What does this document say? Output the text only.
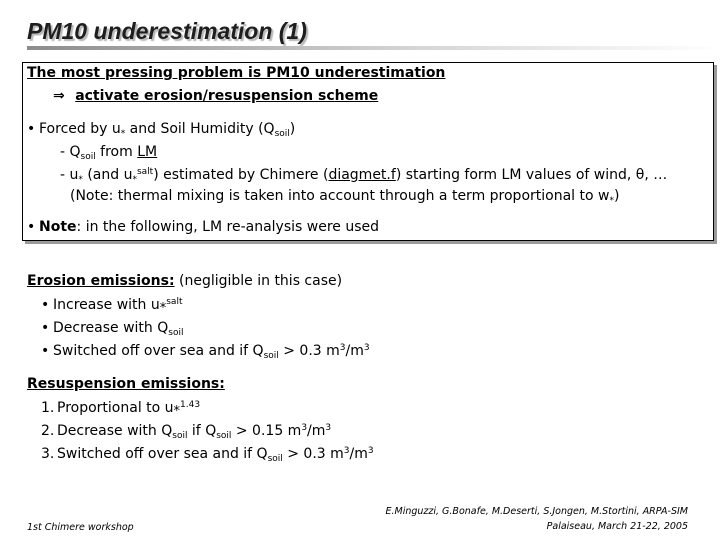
PM10 underestimation (1)
The most pressing problem is PM10 underestimation
⇒ activate erosion/resuspension scheme
• Forced by $u_*$ and Soil Humidity $(Q_{soil})$
- $Q_{soil}$ from LM
- $u_*$ (and $u_*^{salt}$) estimated by Chimere (diagmet.f) starting form LM values of wind, θ, …
(Note: thermal mixing is taken into account through a term proportional to $w_*$)
• Note: in the following, LM re-analysis were used
Erosion emissions: (negligible in this case)
• Increase with $u_*^{salt}$
• Decrease with $Q_{soil}$
• Switched off over sea and if $Q_{soil} > 0.3$ $m^3/m^3$
Resuspension emissions:
1. Proportional to $u_*^{1.43}$
2. Decrease with $Q_{soil}$ if $Q_{soil} > 0.15$ $m^3/m^3$
3. Switched off over sea and if $Q_{soil} > 0.3$ $m^3/m^3$
1st Chimere workshop
E.Minguzzi, G.Bonafe, M.Deserti, S.Jongen, M.Stortini, ARPA-SIM
Palaiseau, March 21-22, 2005
